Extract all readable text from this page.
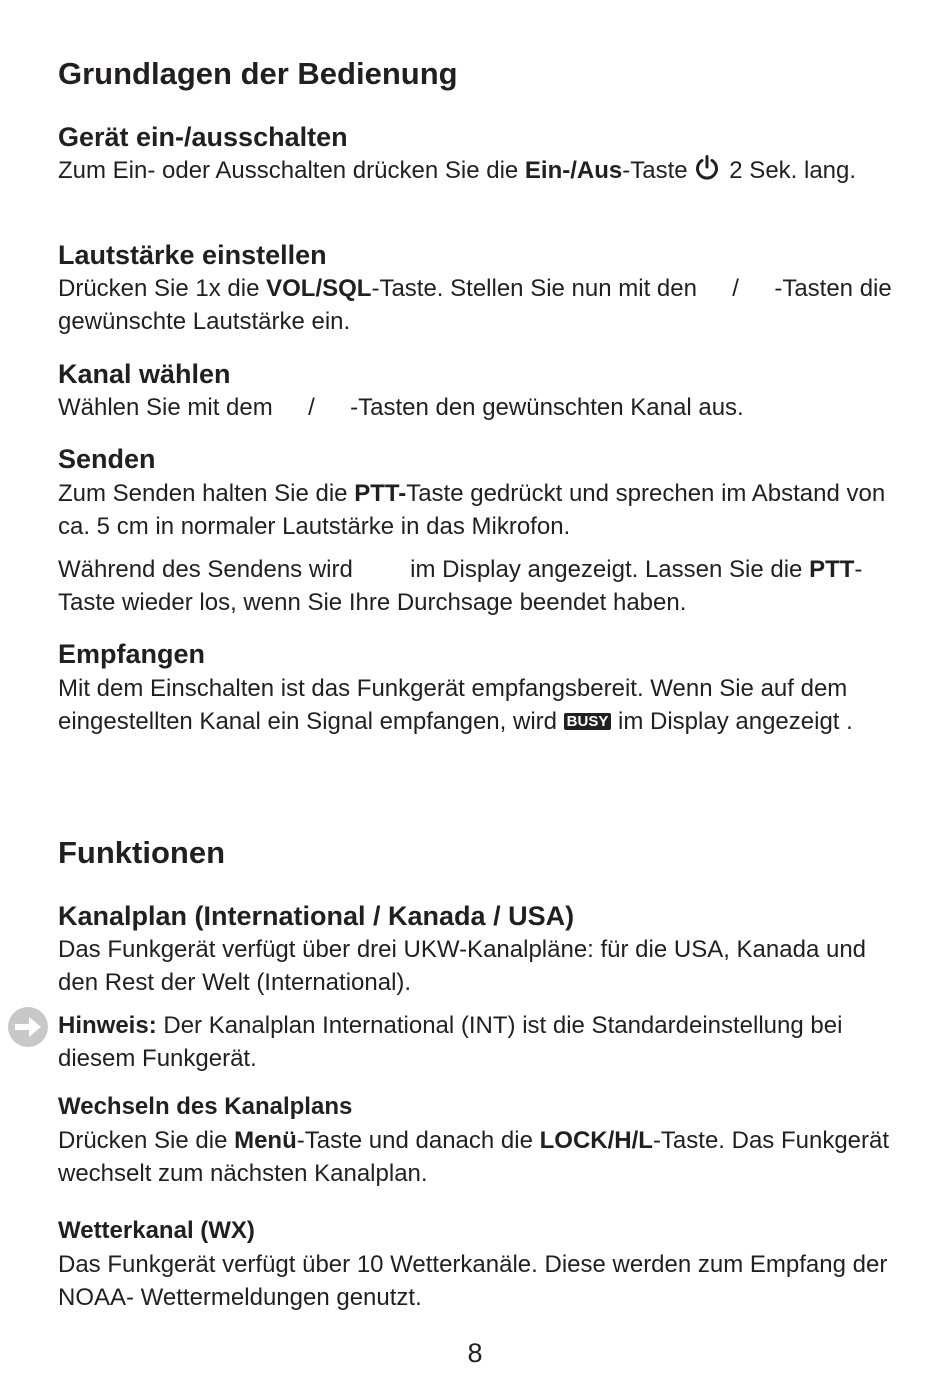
Grundlagen der Bedienung
Gerät ein-/ausschalten
Zum Ein- oder Ausschalten drücken Sie die Ein-/Aus-Taste 2 Sek. lang.
Lautstärke einstellen
Drücken Sie 1x die VOL/SQL-Taste. Stellen Sie nun mit den  /  -Tasten die gewünschte Lautstärke ein.
Kanal wählen
Wählen Sie mit dem  /  -Tasten den gewünschten Kanal aus.
Senden
Zum Senden halten Sie die PTT-Taste gedrückt und sprechen im Abstand von ca. 5 cm in normaler Lautstärke in das Mikrofon.
Während des Sendens wird  im Display angezeigt. Lassen Sie die PTT-Taste wieder los, wenn Sie Ihre Durchsage beendet haben.
Empfangen
Mit dem Einschalten ist das Funkgerät empfangsbereit. Wenn Sie auf dem eingestellten Kanal ein Signal empfangen, wird BUSY im Display angezeigt .
Funktionen
Kanalplan (International / Kanada / USA)
Das Funkgerät verfügt über drei UKW-Kanalpläne: für die USA, Kanada und den Rest der Welt (International).
Hinweis: Der Kanalplan International (INT) ist die Standardeinstellung bei diesem Funkgerät.
Wechseln des Kanalplans
Drücken Sie die Menü-Taste und danach die LOCK/H/L-Taste. Das Funkgerät wechselt zum nächsten Kanalplan.
Wetterkanal (WX)
Das Funkgerät verfügt über 10 Wetterkanäle. Diese werden zum Empfang der NOAA- Wettermeldungen genutzt.
8
